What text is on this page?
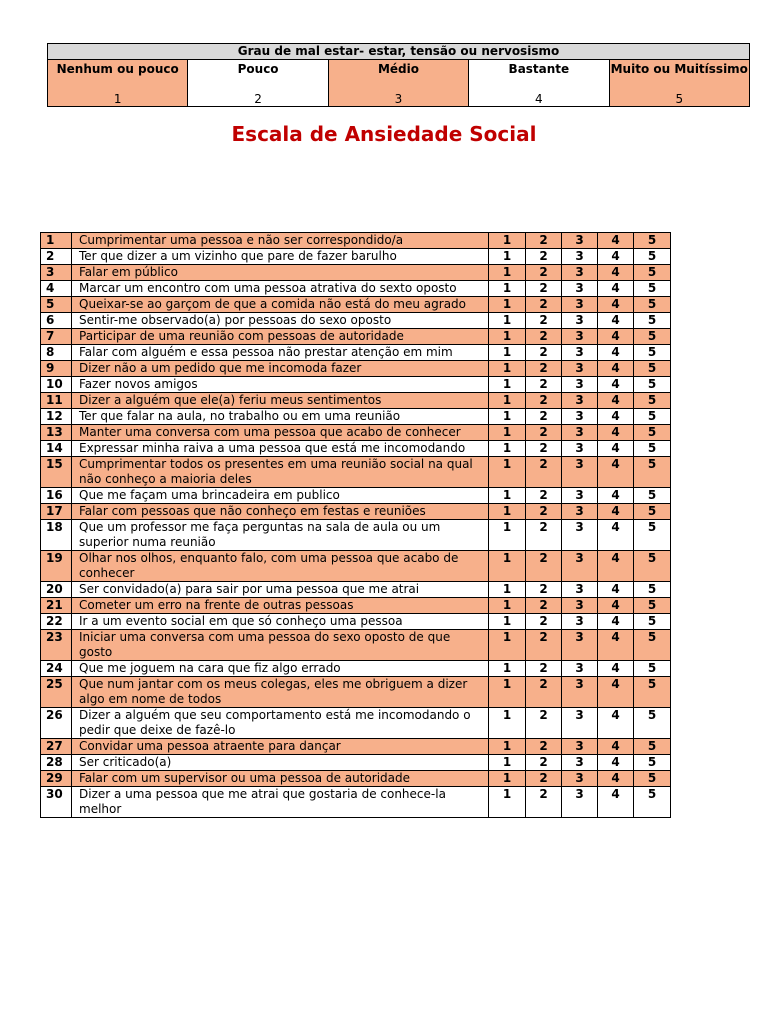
Grau de mal estar- estar, tensão ou nervosismo

Nenhum ou pouco
1

Pouco
2

Médio
3

Bastante
4

Muito ou Muitíssimo
5
Escala de Ansiedade Social
1	Cumprimentar uma pessoa e não ser correspondido/a	1	2	3	4	5
2	Ter que dizer a um vizinho que pare de fazer barulho	1	2	3	4	5
3	Falar em público	1	2	3	4	5
4	Marcar um encontro com uma pessoa atrativa do sexto oposto	1	2	3	4	5
5	Queixar-se ao garçom de que a comida não está do meu agrado	1	2	3	4	5
6	Sentir-me observado(a) por pessoas do sexo oposto	1	2	3	4	5
7	Participar de uma reunião com pessoas de autoridade	1	2	3	4	5
8	Falar com alguém e essa pessoa não prestar atenção em mim	1	2	3	4	5
9	Dizer não a um pedido que me incomoda fazer	1	2	3	4	5
10	Fazer novos amigos	1	2	3	4	5
11	Dizer a alguém que ele(a) feriu meus sentimentos	1	2	3	4	5
12	Ter que falar na aula, no trabalho ou em uma reunião	1	2	3	4	5
13	Manter uma conversa com uma pessoa que acabo de conhecer	1	2	3	4	5
14	Expressar minha raiva a uma pessoa que está me incomodando	1	2	3	4	5
15	Cumprimentar todos os presentes em uma reunião social na qual não conheço a maioria deles	1	2	3	4	5
16	Que me façam uma brincadeira em publico	1	2	3	4	5
17	Falar com pessoas que não conheço em festas e reuniões	1	2	3	4	5
18	Que um professor me faça perguntas na sala de aula ou um superior numa reunião	1	2	3	4	5
19	Olhar nos olhos, enquanto falo, com uma pessoa que acabo de conhecer	1	2	3	4	5
20	Ser convidado(a) para sair por uma pessoa que me atrai	1	2	3	4	5
21	Cometer um erro na frente de outras pessoas	1	2	3	4	5
22	Ir a um evento social em que só conheço uma pessoa	1	2	3	4	5
23	Iniciar uma conversa com uma pessoa do sexo oposto de que gosto	1	2	3	4	5
24	Que me joguem na cara que fiz algo errado	1	2	3	4	5
25	Que num jantar com os meus colegas, eles me obriguem a dizer algo em nome de todos	1	2	3	4	5
26	Dizer a alguém que seu comportamento está me incomodando o pedir que deixe de fazê-lo	1	2	3	4	5
27	Convidar uma pessoa atraente para dançar	1	2	3	4	5
28	Ser criticado(a)	1	2	3	4	5
29	Falar com um supervisor ou uma pessoa de autoridade	1	2	3	4	5
30	Dizer a uma pessoa que me atrai que gostaria de conhece-la melhor	1	2	3	4	5
